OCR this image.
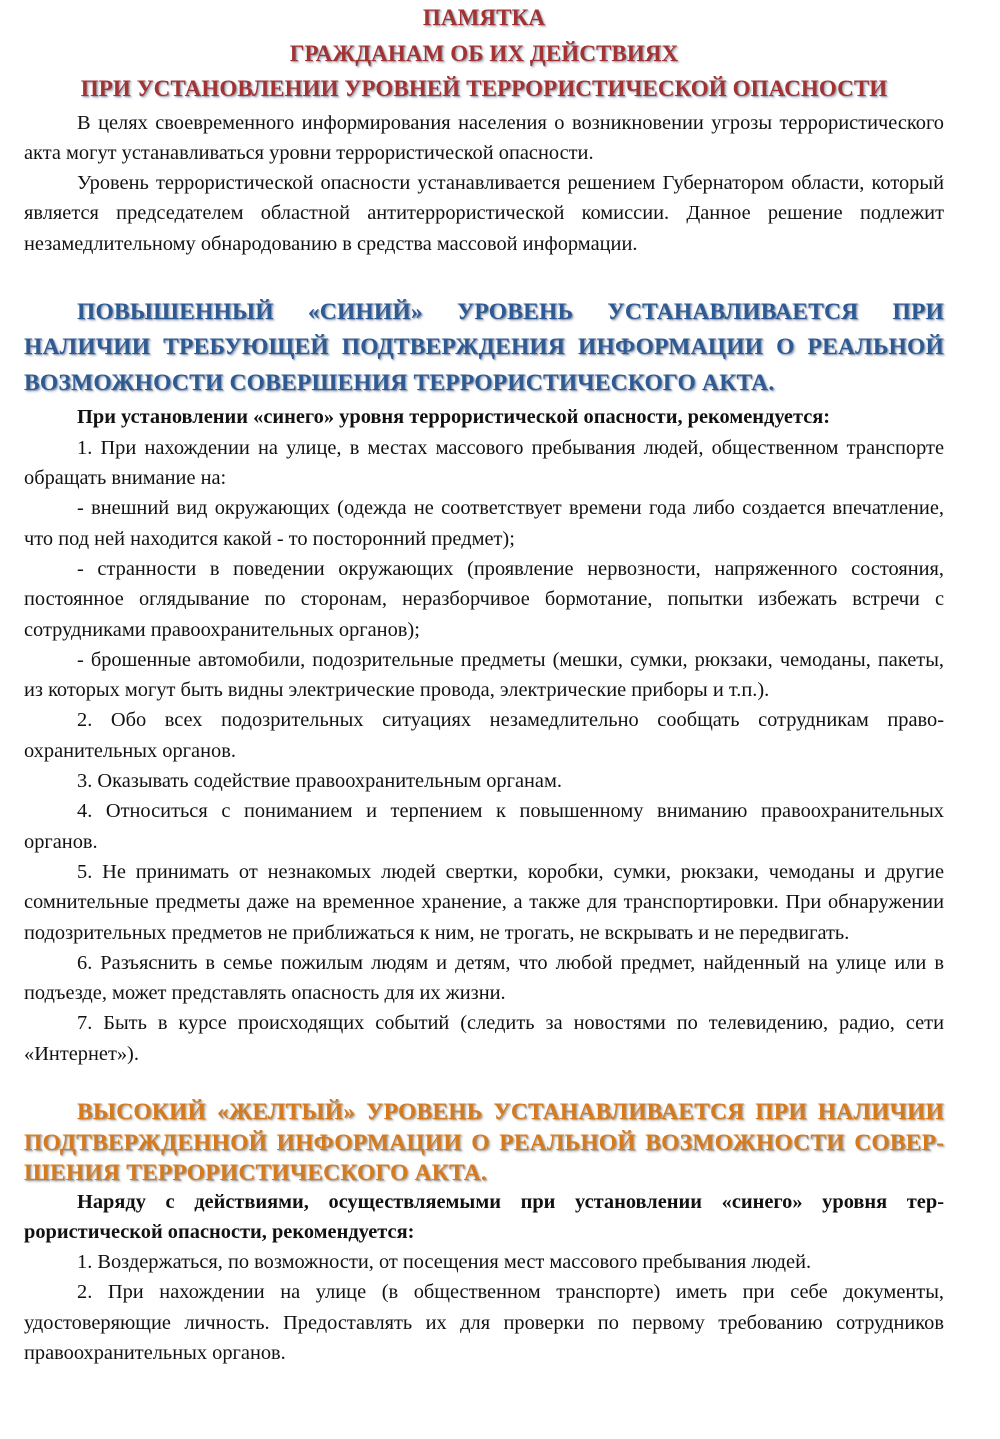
ПАМЯТКА
ГРАЖДАНАМ ОБ ИХ ДЕЙСТВИЯХ
ПРИ УСТАНОВЛЕНИИ УРОВНЕЙ ТЕРРОРИСТИЧЕСКОЙ ОПАСНОСТИ

В целях своевременного информирования населения о возникновении угрозы террористического акта могут устанавливаться уровни террористической опасности.

Уровень террористической опасности устанавливается решением Губернатором области, который является председателем областной антитеррористической комиссии. Данное решение подлежит незамедлительному обнародованию в средства массовой информации.

ПОВЫШЕННЫЙ «СИНИЙ» УРОВЕНЬ УСТАНАВЛИВАЕТСЯ ПРИ НАЛИЧИИ ТРЕБУЮЩЕЙ ПОДТВЕРЖДЕНИЯ ИНФОРМАЦИИ О РЕАЛЬНОЙ ВОЗМОЖНОСТИ СОВЕРШЕНИЯ ТЕРРОРИСТИЧЕСКОГО АКТА.

При установлении «синего» уровня террористической опасности, рекомендуется:

1. При нахождении на улице, в местах массового пребывания людей, общественном транспорте обращать внимание на:

- внешний вид окружающих (одежда не соответствует времени года либо создается впечатление, что под ней находится какой - то посторонний предмет);

- странности в поведении окружающих (проявление нервозности, напряженного состояния, постоянное оглядывание по сторонам, неразборчивое бормотание, попытки избежать встречи с сотрудниками правоохранительных органов);

- брошенные автомобили, подозрительные предметы (мешки, сумки, рюкзаки, чемоданы, пакеты, из которых могут быть видны электрические провода, электрические приборы и т.п.).

2. Обо всех подозрительных ситуациях незамедлительно сообщать сотрудникам правоохранительных органов.

3. Оказывать содействие правоохранительным органам.

4. Относиться с пониманием и терпением к повышенному вниманию правоохранительных органов.

5. Не принимать от незнакомых людей свертки, коробки, сумки, рюкзаки, чемоданы и другие сомнительные предметы даже на временное хранение, а также для транспортировки. При обнаружении подозрительных предметов не приближаться к ним, не трогать, не вскрывать и не передвигать.

6. Разъяснить в семье пожилым людям и детям, что любой предмет, найденный на улице или в подъезде, может представлять опасность для их жизни.

7. Быть в курсе происходящих событий (следить за новостями по телевидению, радио, сети «Интернет»).

ВЫСОКИЙ «ЖЕЛТЫЙ» УРОВЕНЬ УСТАНАВЛИВАЕТСЯ ПРИ НАЛИЧИИ ПОДТВЕРЖДЕННОЙ ИНФОРМАЦИИ О РЕАЛЬНОЙ ВОЗМОЖНОСТИ СОВЕРШЕНИЯ ТЕРРОРИСТИЧЕСКОГО АКТА.

Наряду с действиями, осуществляемыми при установлении «синего» уровня террористической опасности, рекомендуется:

1. Воздержаться, по возможности, от посещения мест массового пребывания людей.

2. При нахождении на улице (в общественном транспорте) иметь при себе документы, удостоверяющие личность. Предоставлять их для проверки по первому требованию сотрудников правоохранительных органов.
